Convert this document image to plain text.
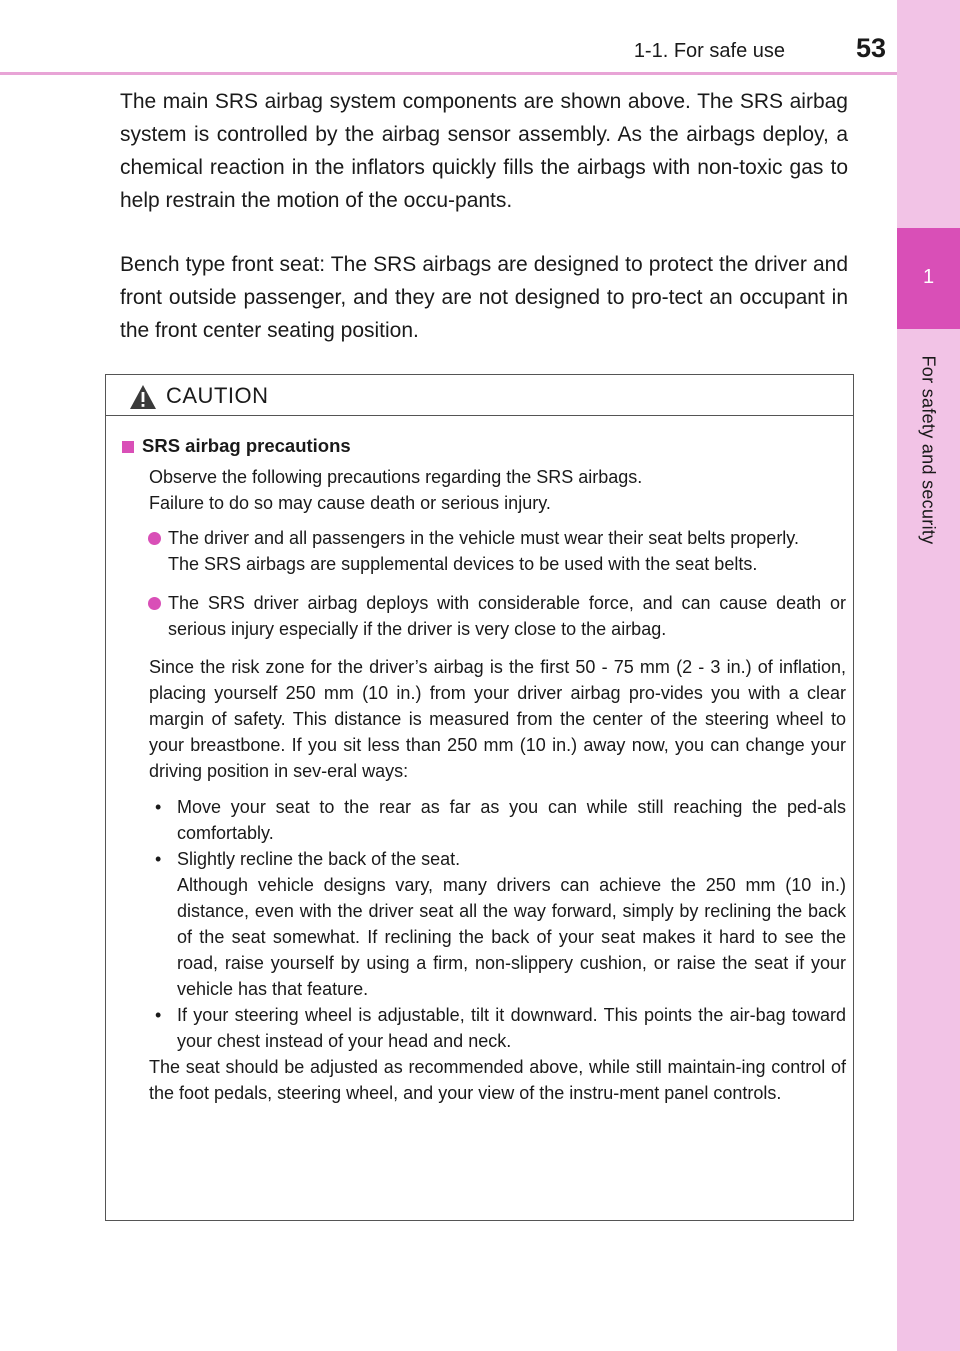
1
For safety and security
1-1. For safe use	53

The main SRS airbag system components are shown above. The SRS airbag system is controlled by the airbag sensor assembly. As the airbags deploy, a chemical reaction in the inflators quickly fills the airbags with non-toxic gas to help restrain the motion of the occu-pants.

Bench type front seat: The SRS airbags are designed to protect the driver and front outside passenger, and they are not designed to pro-tect an occupant in the front center seating position.

CAUTION
SRS airbag precautions
Observe the following precautions regarding the SRS airbags.
Failure to do so may cause death or serious injury.

The driver and all passengers in the vehicle must wear their seat belts properly.

The SRS airbags are supplemental devices to be used with the seat belts.

The SRS driver airbag deploys with considerable force, and can cause death or serious injury especially if the driver is very close to the airbag.

Since the risk zone for the driver’s airbag is the first 50 - 75 mm (2 - 3 in.) of inflation, placing yourself 250 mm (10 in.) from your driver airbag pro-vides you with a clear margin of safety. This distance is measured from the center of the steering wheel to your breastbone. If you sit less than 250 mm (10 in.) away now, you can change your driving position in sev-eral ways:

• Move your seat to the rear as far as you can while still reaching the ped-als comfortably.

• Slightly recline the back of the seat.

Although vehicle designs vary, many drivers can achieve the 250 mm (10 in.) distance, even with the driver seat all the way forward, simply by reclining the back of the seat somewhat. If reclining the back of your seat makes it hard to see the road, raise yourself by using a firm, non-slippery cushion, or raise the seat if your vehicle has that feature.

• If your steering wheel is adjustable, tilt it downward. This points the air-bag toward your chest instead of your head and neck.

The seat should be adjusted as recommended above, while still maintain-ing control of the foot pedals, steering wheel, and your view of the instru-ment panel controls.
